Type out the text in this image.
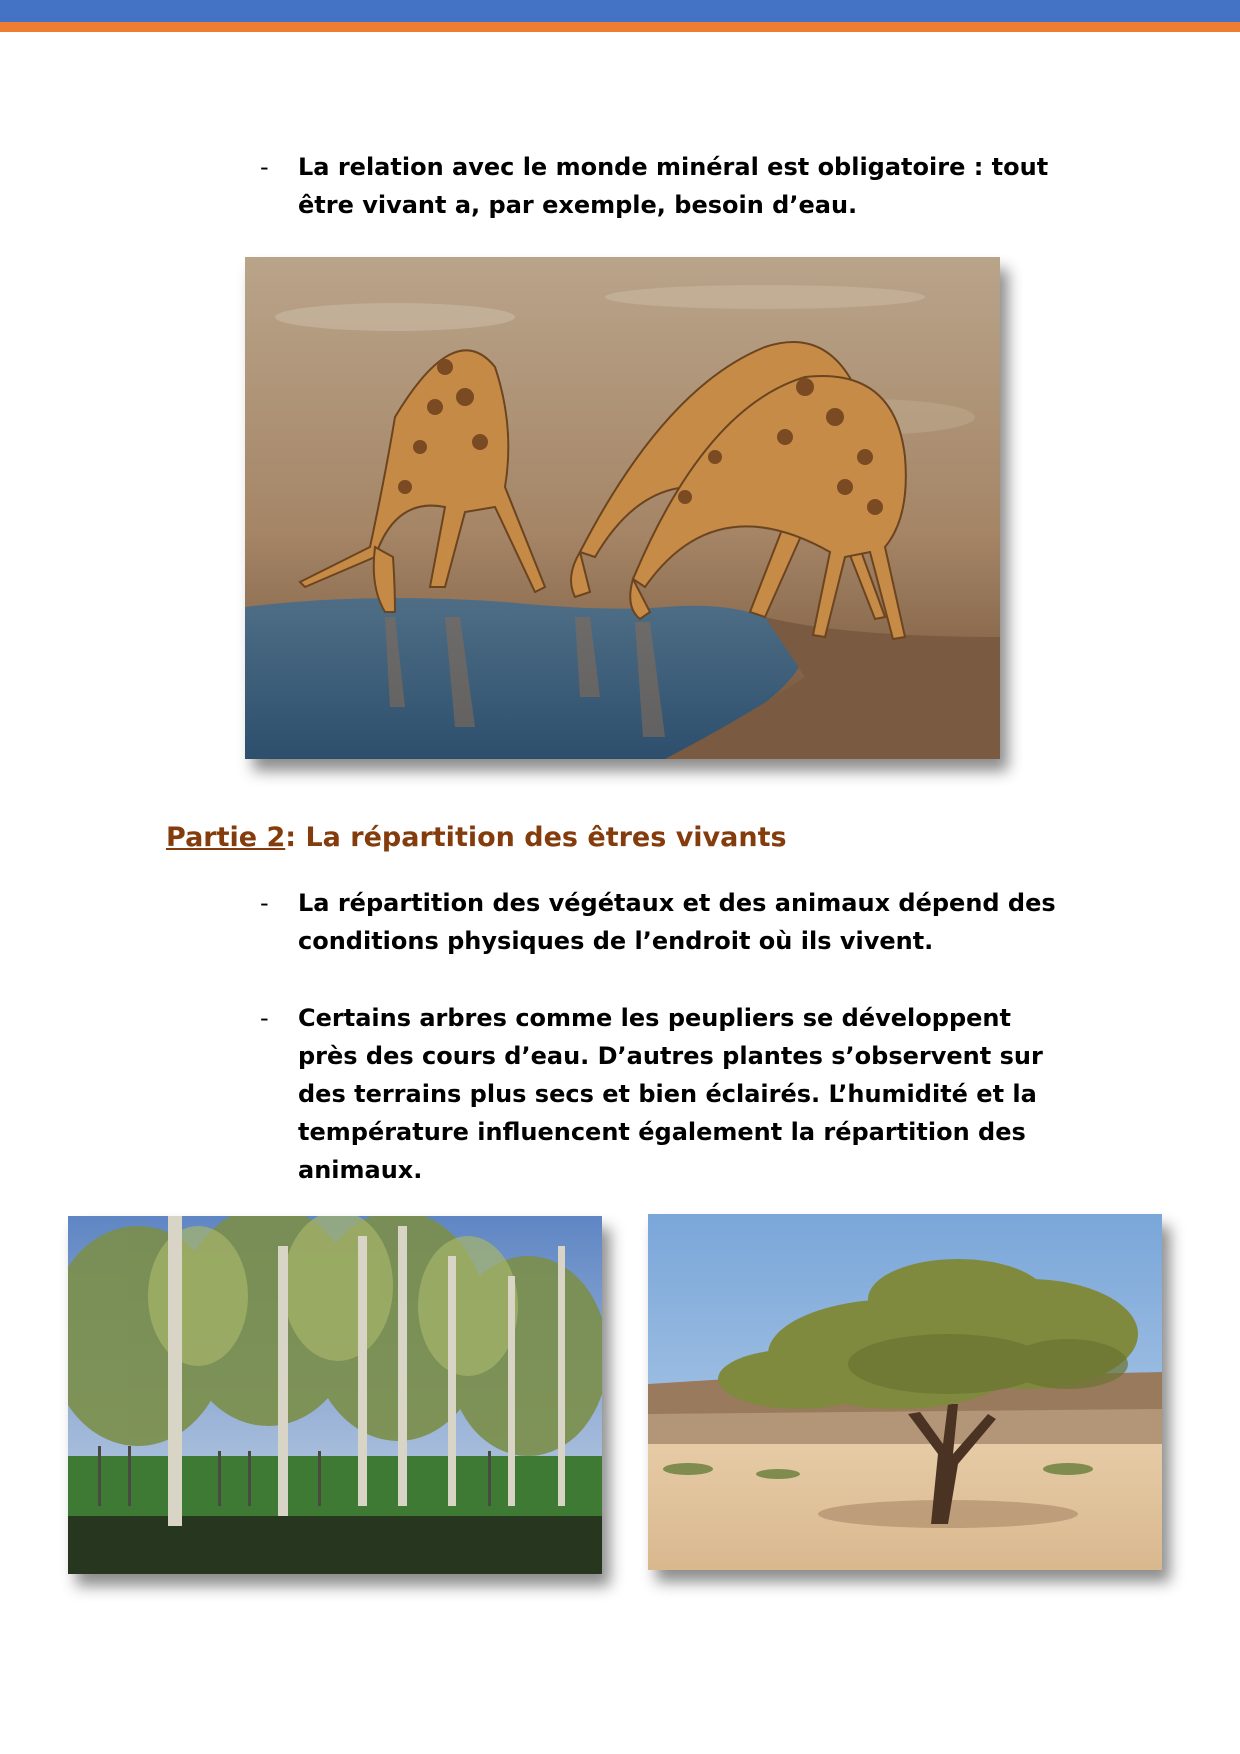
- La relation avec le monde minéral est obligatoire : tout être vivant a, par exemple, besoin d’eau.
Partie 2: La répartition des êtres vivants
- La répartition des végétaux et des animaux dépend des conditions physiques de l’endroit où ils vivent.
- Certains arbres comme les peupliers se développent près des cours d’eau. D’autres plantes s’observent sur des terrains plus secs et bien éclairés. L’humidité et la température influencent également la répartition des animaux.
